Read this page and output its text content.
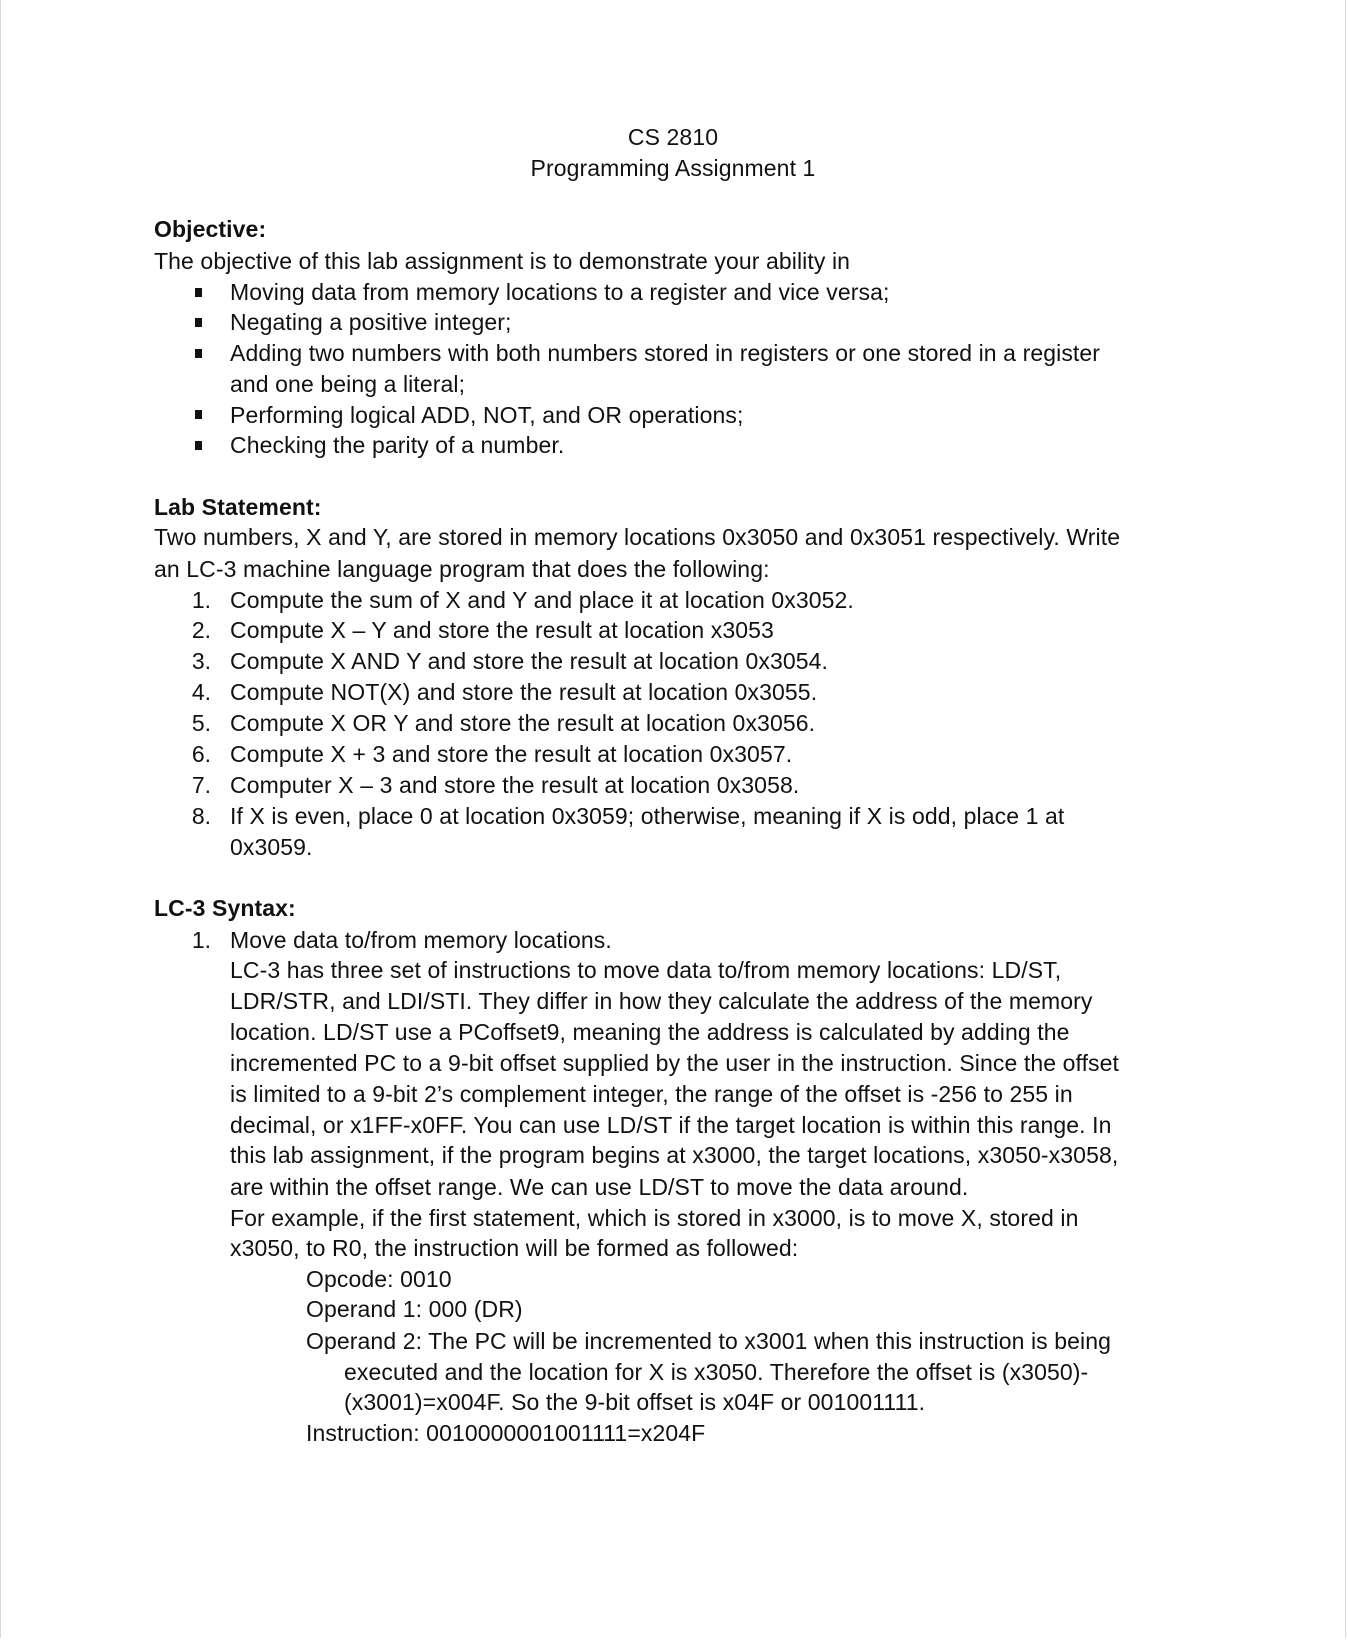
CS 2810
Programming Assignment 1
Objective:
The objective of this lab assignment is to demonstrate your ability in
Moving data from memory locations to a register and vice versa;
Negating a positive integer;
Adding two numbers with both numbers stored in registers or one stored in a register
and one being a literal;
Performing logical ADD, NOT, and OR operations;
Checking the parity of a number.
Lab Statement:
Two numbers, X and Y, are stored in memory locations 0x3050 and 0x3051 respectively. Write
an LC-3 machine language program that does the following:
1. Compute the sum of X and Y and place it at location 0x3052.
2. Compute X – Y and store the result at location x3053
3. Compute X AND Y and store the result at location 0x3054.
4. Compute NOT(X) and store the result at location 0x3055.
5. Compute X OR Y and store the result at location 0x3056.
6. Compute X + 3 and store the result at location 0x3057.
7. Computer X – 3 and store the result at location 0x3058.
8. If X is even, place 0 at location 0x3059; otherwise, meaning if X is odd, place 1 at
0x3059.
LC-3 Syntax:
1. Move data to/from memory locations.
LC-3 has three set of instructions to move data to/from memory locations: LD/ST,
LDR/STR, and LDI/STI. They differ in how they calculate the address of the memory
location. LD/ST use a PCoffset9, meaning the address is calculated by adding the
incremented PC to a 9-bit offset supplied by the user in the instruction. Since the offset
is limited to a 9-bit 2’s complement integer, the range of the offset is -256 to 255 in
decimal, or x1FF-x0FF. You can use LD/ST if the target location is within this range. In
this lab assignment, if the program begins at x3000, the target locations, x3050-x3058,
are within the offset range. We can use LD/ST to move the data around.
For example, if the first statement, which is stored in x3000, is to move X, stored in
x3050, to R0, the instruction will be formed as followed:
Opcode: 0010
Operand 1: 000 (DR)
Operand 2: The PC will be incremented to x3001 when this instruction is being
executed and the location for X is x3050. Therefore the offset is (x3050)-
(x3001)=x004F. So the 9-bit offset is x04F or 001001111.
Instruction: 0010000001001111=x204F
